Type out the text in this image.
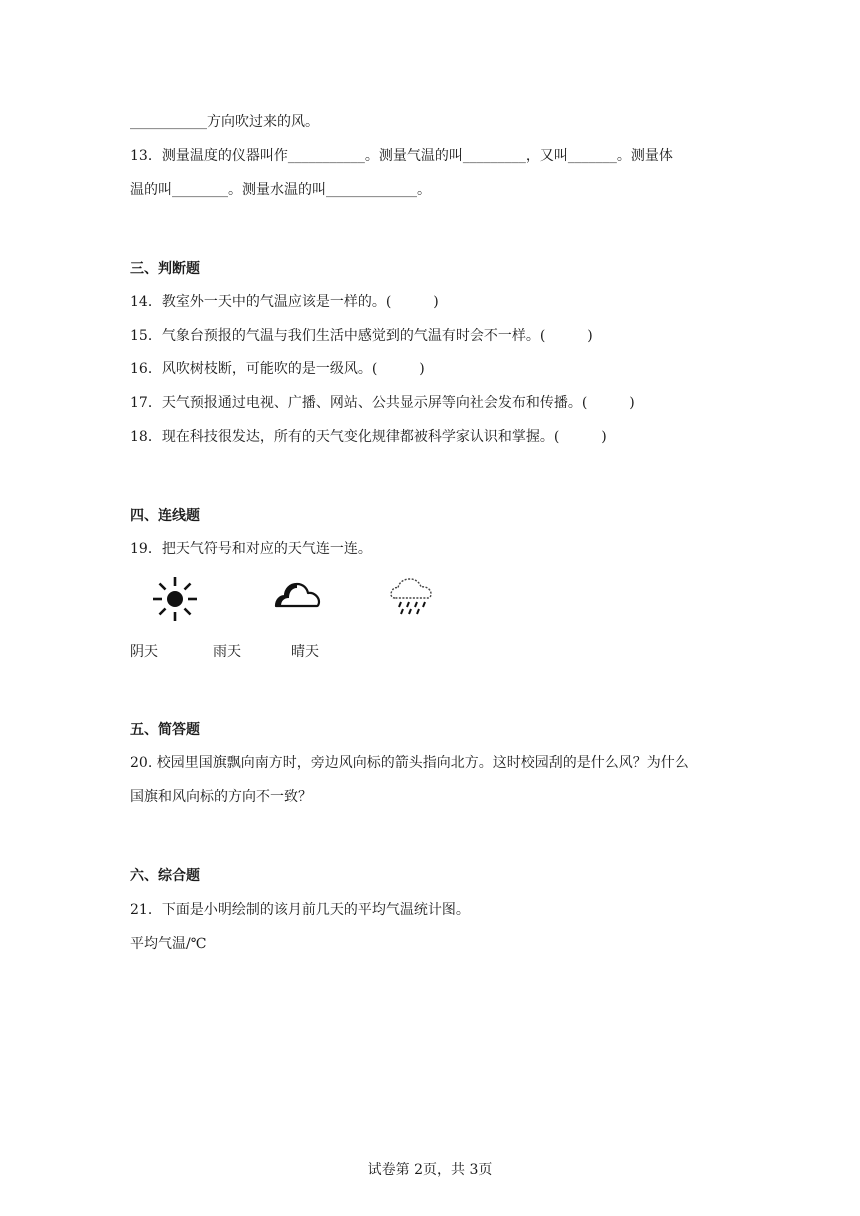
___________方向吹过来的风。
13．测量温度的仪器叫作___________。测量气温的叫_________，又叫_______。测量体
温的叫________。测量水温的叫_____________。
三、判断题
14．教室外一天中的气温应该是一样的。(　　　)
15．气象台预报的气温与我们生活中感觉到的气温有时会不一样。(　　　)
16．风吹树枝断，可能吹的是一级风。(　　　)
17．天气预报通过电视、广播、网站、公共显示屏等向社会发布和传播。(　　　)
18．现在科技很发达，所有的天气变化规律都被科学家认识和掌握。(　　　)
四、连线题
19．把天气符号和对应的天气连一连。
阴天	雨天	晴天
五、简答题
20. 校园里国旗飘向南方时，旁边风向标的箭头指向北方。这时校园刮的是什么风？为什么
国旗和风向标的方向不一致？
六、综合题
21．下面是小明绘制的该月前几天的平均气温统计图。
平均气温/℃
试卷第 2页，共 3页
